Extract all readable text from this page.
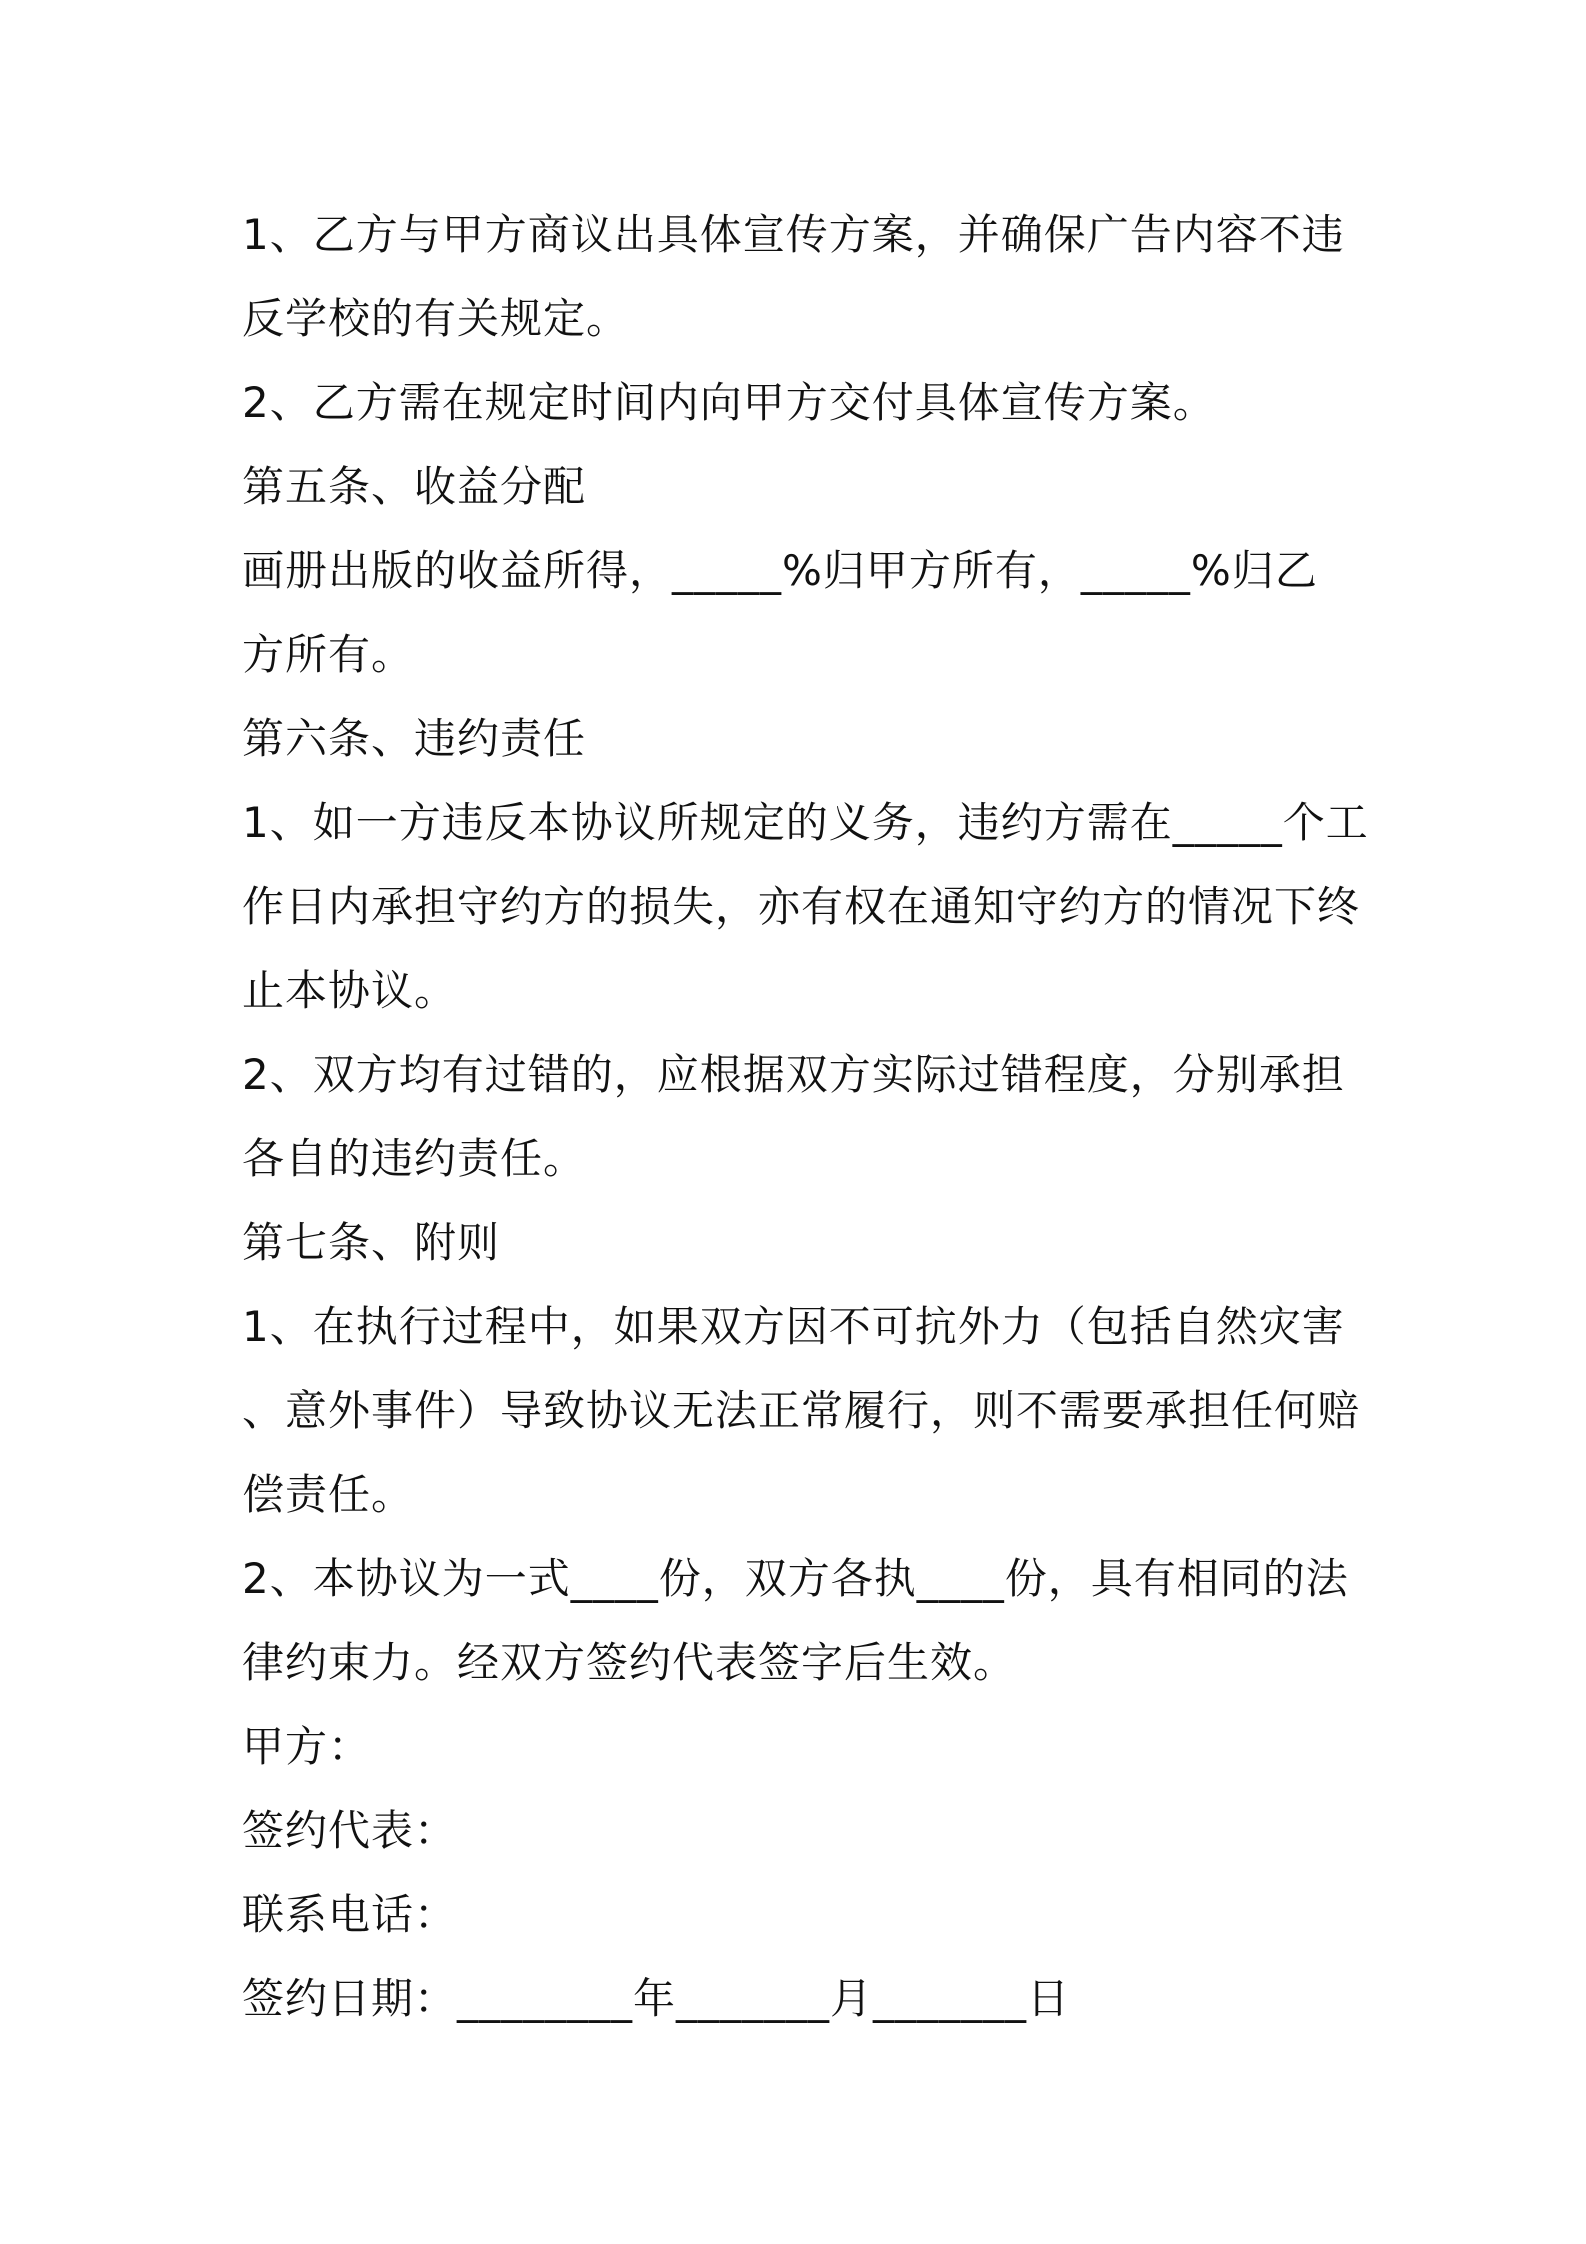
1、乙方与甲方商议出具体宣传方案，并确保广告内容不违
反学校的有关规定。
2、乙方需在规定时间内向甲方交付具体宣传方案。
第五条、收益分配
画册出版的收益所得，_____%归甲方所有，_____%归乙
方所有。
第六条、违约责任
1、如一方违反本协议所规定的义务，违约方需在_____个工
作日内承担守约方的损失，亦有权在通知守约方的情况下终
止本协议。
2、双方均有过错的，应根据双方实际过错程度，分别承担
各自的违约责任。
第七条、附则
1、在执行过程中，如果双方因不可抗外力（包括自然灾害
、意外事件）导致协议无法正常履行，则不需要承担任何赔
偿责任。
2、本协议为一式____份，双方各执____份，具有相同的法
律约束力。经双方签约代表签字后生效。
甲方：
签约代表：
联系电话：
签约日期：________年_______月_______日
